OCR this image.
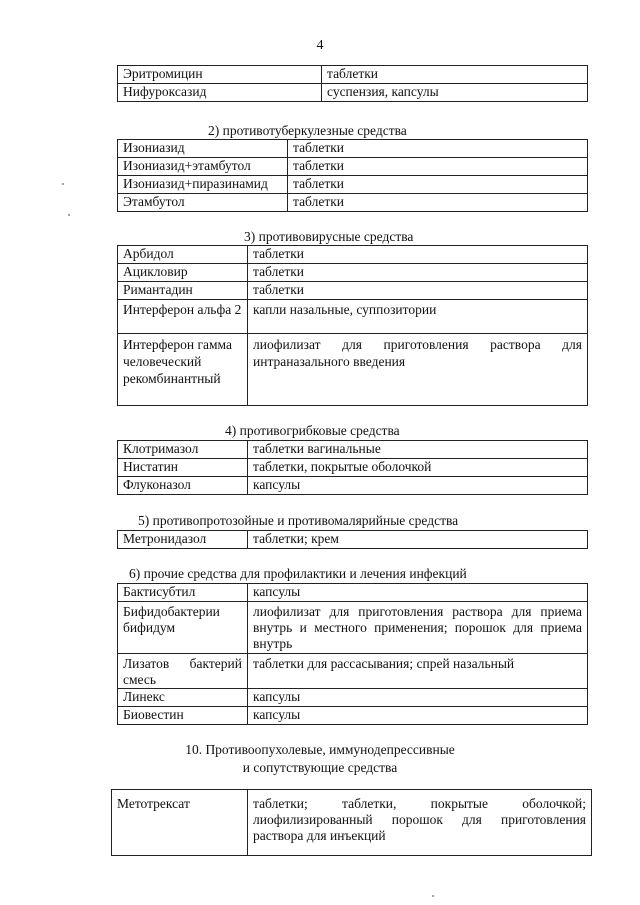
4
Эритромицин	таблетки
Нифуроксазид	суспензия, капсулы
2) противотуберкулезные средства
Изониазид	таблетки
Изониазид+этамбутол	таблетки
Изониазид+пиразинамид	таблетки
Этамбутол	таблетки
3) противовирусные средства
Арбидол	таблетки
Ацикловир	таблетки
Римантадин	таблетки
Интерферон альфа 2	капли назальные, суппозитории
Интерферон гамма человеческий рекомбинантный	лиофилизат для приготовления раствора для интраназального введения
4) противогрибковые средства
Клотримазол	таблетки вагинальные
Нистатин	таблетки, покрытые оболочкой
Флуконазол	капсулы
5) противопротозойные и противомалярийные средства
Метронидазол	таблетки; крем
6) прочие средства для профилактики и лечения инфекций
Бактисубтил	капсулы
Бифидобактерии бифидум	лиофилизат для приготовления раствора для приема внутрь и местного применения; порошок для приема внутрь
Лизатов бактерий смесь	таблетки для рассасывания; спрей назальный
Линекс	капсулы
Биовестин	капсулы
10. Противоопухолевые, иммунодепрессивные
и сопутствующие средства
Метотрексат	таблетки; таблетки, покрытые оболочкой; лиофилизированный порошок для приготовления раствора для инъекций
